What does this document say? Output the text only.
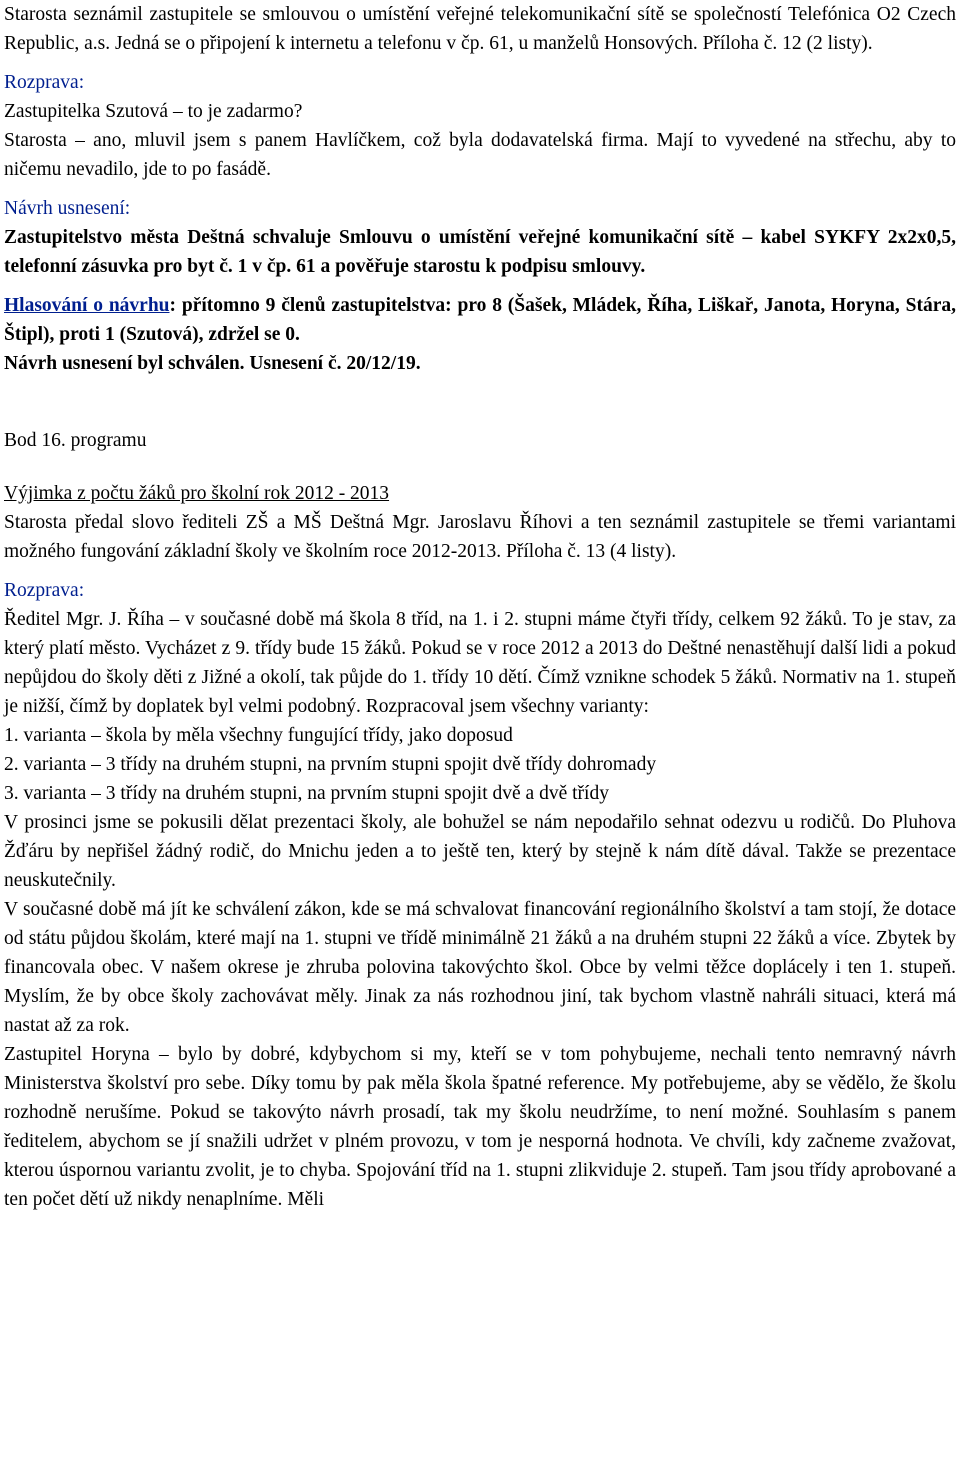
Starosta seznámil zastupitele se smlouvou o umístění veřejné telekomunikační sítě se společností Telefónica O2 Czech Republic, a.s. Jedná se o připojení k internetu a telefonu v čp. 61, u manželů Honsových. Příloha č. 12 (2 listy).

Rozprava:

Zastupitelka Szutová – to je zadarmo?

Starosta – ano, mluvil jsem s panem Havlíčkem, což byla dodavatelská firma. Mají to vyvedené na střechu, aby to ničemu nevadilo, jde to po fasádě.

Návrh usnesení:

Zastupitelstvo města Deštná schvaluje Smlouvu o umístění veřejné komunikační sítě – kabel SYKFY 2x2x0,5, telefonní zásuvka pro byt č. 1 v čp. 61 a pověřuje starostu k podpisu smlouvy.

Hlasování o návrhu: přítomno 9 členů zastupitelstva: pro 8 (Šašek, Mládek, Říha, Liškař, Janota, Horyna, Stára, Štipl), proti 1 (Szutová), zdržel se 0.

Návrh usnesení byl schválen. Usnesení č. 20/12/19.

Bod 16. programu
Výjimka z počtu žáků pro školní rok 2012 - 2013

Starosta předal slovo řediteli ZŠ a MŠ Deštná Mgr. Jaroslavu Říhovi a ten seznámil zastupitele se třemi variantami možného fungování základní školy ve školním roce 2012-2013. Příloha č. 13 (4 listy).

Rozprava:

Ředitel Mgr. J. Říha – v současné době má škola 8 tříd, na 1. i 2. stupni máme čtyři třídy, celkem 92 žáků. To je stav, za který platí město. Vycházet z 9. třídy bude 15 žáků. Pokud se v roce 2012 a 2013 do Deštné nenastěhují další lidi a pokud nepůjdou do školy děti z Jižné a okolí, tak půjde do 1. třídy 10 dětí. Čímž vznikne schodek 5 žáků. Normativ na 1. stupeň je nižší, čímž by doplatek byl velmi podobný. Rozpracoval jsem všechny varianty:

1. varianta – škola by měla všechny fungující třídy, jako doposud

2. varianta – 3 třídy na druhém stupni, na prvním stupni spojit dvě třídy dohromady

3. varianta – 3 třídy na druhém stupni, na prvním stupni spojit dvě a dvě třídy

V prosinci jsme se pokusili dělat prezentaci školy, ale bohužel se nám nepodařilo sehnat odezvu u rodičů. Do Pluhova Žďáru by nepřišel žádný rodič, do Mnichu jeden a to ještě ten, který by stejně k nám dítě dával. Takže se prezentace neuskutečnily.

V současné době má jít ke schválení zákon, kde se má schvalovat financování regionálního školství a tam stojí, že dotace od státu půjdou školám, které mají na 1. stupni ve třídě minimálně 21 žáků a na druhém stupni 22 žáků a více. Zbytek by financovala obec. V našem okrese je zhruba polovina takovýchto škol. Obce by velmi těžce doplácely i ten 1. stupeň. Myslím, že by obce školy zachovávat měly. Jinak za nás rozhodnou jiní, tak bychom vlastně nahráli situaci, která má nastat až za rok.

Zastupitel Horyna – bylo by dobré, kdybychom si my, kteří se v tom pohybujeme, nechali tento nemravný návrh Ministerstva školství pro sebe. Díky tomu by pak měla škola špatné reference. My potřebujeme, aby se vědělo, že školu rozhodně nerušíme. Pokud se takovýto návrh prosadí, tak my školu neudržíme, to není možné. Souhlasím s panem ředitelem, abychom se jí snažili udržet v plném provozu, v tom je nesporná hodnota. Ve chvíli, kdy začneme zvažovat, kterou úspornou variantu zvolit, je to chyba. Spojování tříd na 1. stupni zlikviduje 2. stupeň. Tam jsou třídy aprobované a ten počet dětí už nikdy nenaplníme. Měli
